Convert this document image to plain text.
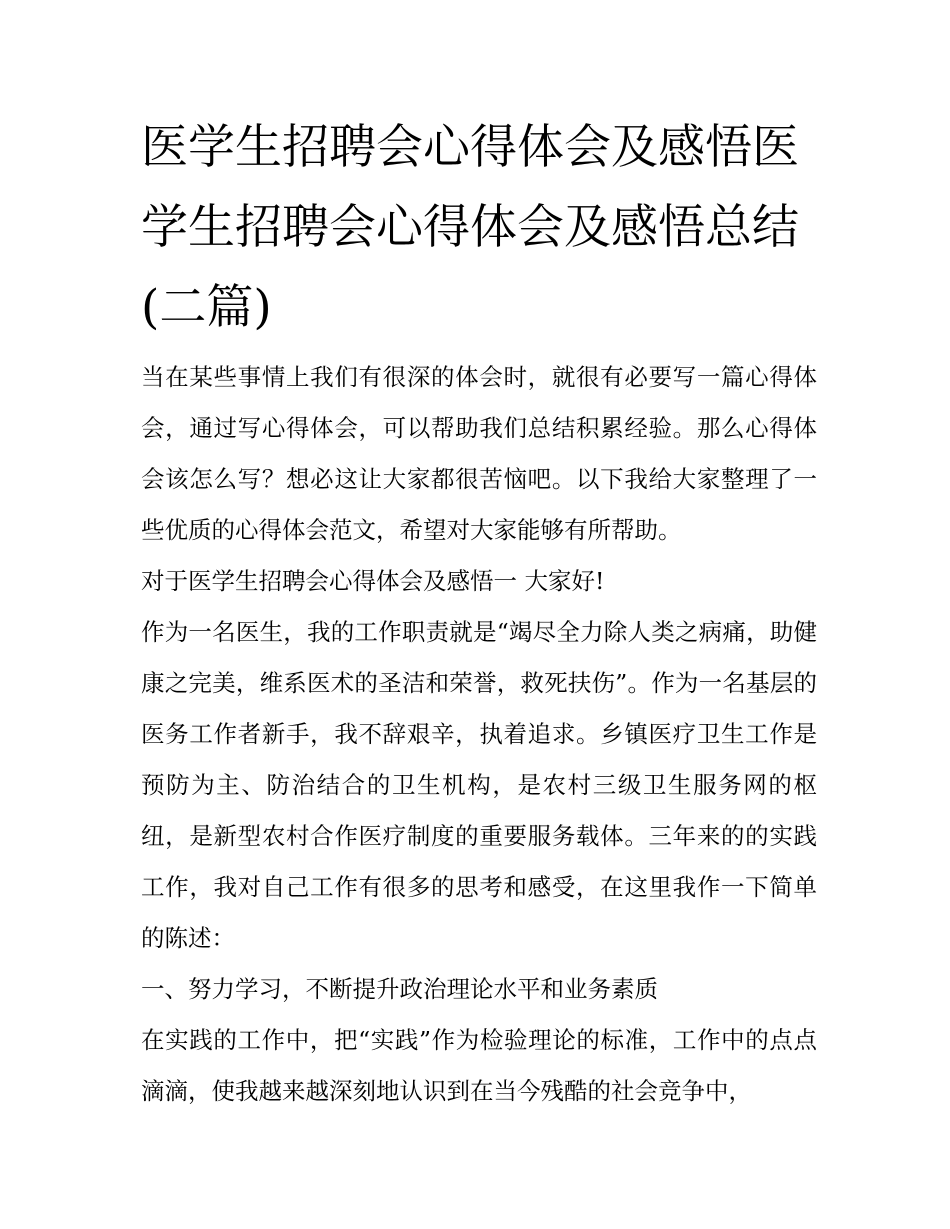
医学生招聘会心得体会及感悟医学生招聘会心得体会及感悟总结(二篇)

当在某些事情上我们有很深的体会时，就很有必要写一篇心得体会，通过写心得体会，可以帮助我们总结积累经验。那么心得体会该怎么写？想必这让大家都很苦恼吧。以下我给大家整理了一些优质的心得体会范文，希望对大家能够有所帮助。

对于医学生招聘会心得体会及感悟一 大家好!

作为一名医生，我的工作职责就是“竭尽全力除人类之病痛，助健康之完美，维系医术的圣洁和荣誉，救死扶伤”。作为一名基层的医务工作者新手，我不辞艰辛，执着追求。乡镇医疗卫生工作是预防为主、防治结合的卫生机构，是农村三级卫生服务网的枢纽，是新型农村合作医疗制度的重要服务载体。三年来的的实践工作，我对自己工作有很多的思考和感受，在这里我作一下简单的陈述：

一、努力学习，不断提升政治理论水平和业务素质

在实践的工作中，把“实践”作为检验理论的标准，工作中的点点滴滴，使我越来越深刻地认识到在当今残酷的社会竞争中，
